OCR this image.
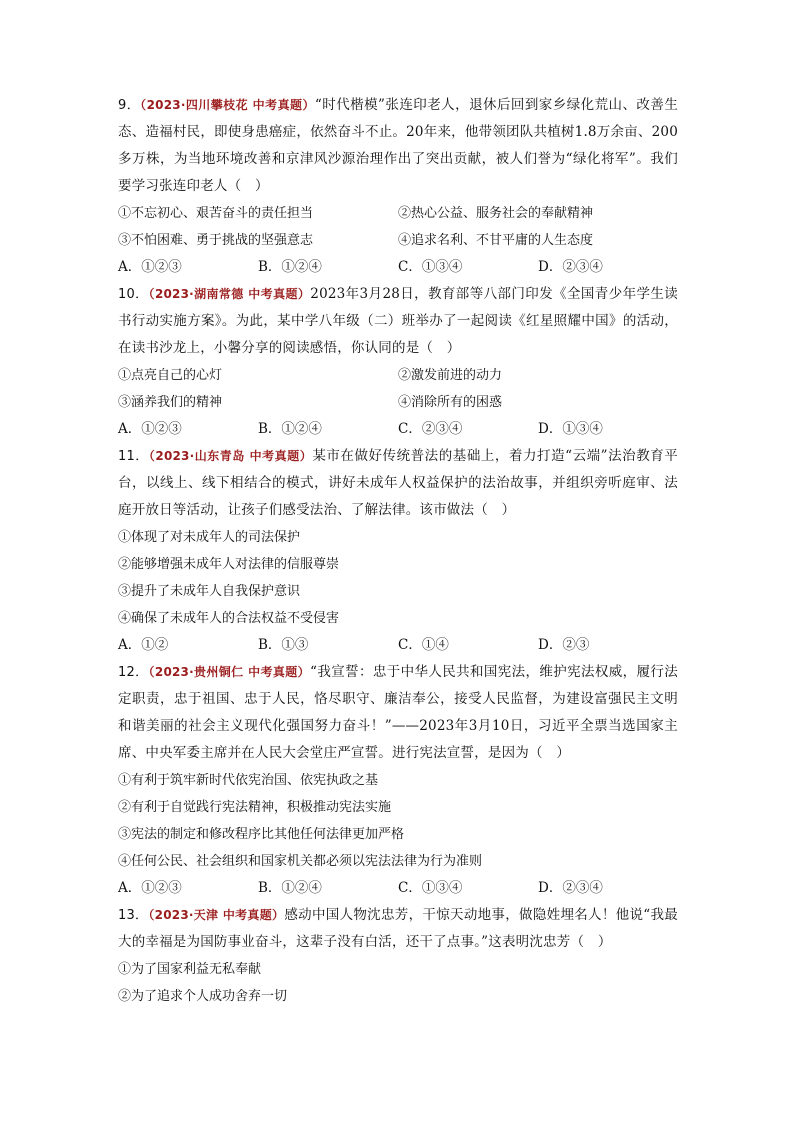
9．（2023·四川攀枝花 中考真题）“时代楷模”张连印老人，退休后回到家乡绿化荒山、改善生态、造福村民，即使身患癌症，依然奋斗不止。20年来，他带领团队共植树1.8万余亩、200多万株，为当地环境改善和京津风沙源治理作出了突出贡献，被人们誉为“绿化将军”。我们要学习张连印老人（　）
①不忘初心、艰苦奋斗的责任担当	②热心公益、服务社会的奉献精神
③不怕困难、勇于挑战的坚强意志	④追求名利、不甘平庸的人生态度
A．①②③	B．①②④	C．①③④	D．②③④
10．（2023·湖南常德 中考真题）2023年3月28日，教育部等八部门印发《全国青少年学生读书行动实施方案》。为此，某中学八年级（二）班举办了一起阅读《红星照耀中国》的活动，在读书沙龙上，小馨分享的阅读感悟，你认同的是（　）
①点亮自己的心灯	②激发前进的动力
③涵养我们的精神	④消除所有的困惑
A．①②③	B．①②④	C．②③④	D．①③④
11．（2023·山东青岛 中考真题）某市在做好传统普法的基础上，着力打造“云端”法治教育平台，以线上、线下相结合的模式，讲好未成年人权益保护的法治故事，并组织旁听庭审、法庭开放日等活动，让孩子们感受法治、了解法律。该市做法（　）
①体现了对未成年人的司法保护
②能够增强未成年人对法律的信服尊崇
③提升了未成年人自我保护意识
④确保了未成年人的合法权益不受侵害
A．①②	B．①③	C．①④	D．②③
12．（2023·贵州铜仁 中考真题）“我宣誓：忠于中华人民共和国宪法，维护宪法权威，履行法定职责，忠于祖国、忠于人民，恪尽职守、廉洁奉公，接受人民监督，为建设富强民主文明和谐美丽的社会主义现代化强国努力奋斗！”——2023年3月10日，习近平全票当选国家主席、中央军委主席并在人民大会堂庄严宣誓。进行宪法宣誓，是因为（　）
①有利于筑牢新时代依宪治国、依宪执政之基
②有利于自觉践行宪法精神，积极推动宪法实施
③宪法的制定和修改程序比其他任何法律更加严格
④任何公民、社会组织和国家机关都必须以宪法法律为行为准则
A．①②③	B．①②④	C．①③④	D．②③④
13．（2023·天津 中考真题）感动中国人物沈忠芳，干惊天动地事，做隐姓埋名人！他说“我最大的幸福是为国防事业奋斗，这辈子没有白活，还干了点事。”这表明沈忠芳（　）
①为了国家利益无私奉献
②为了追求个人成功舍弃一切
